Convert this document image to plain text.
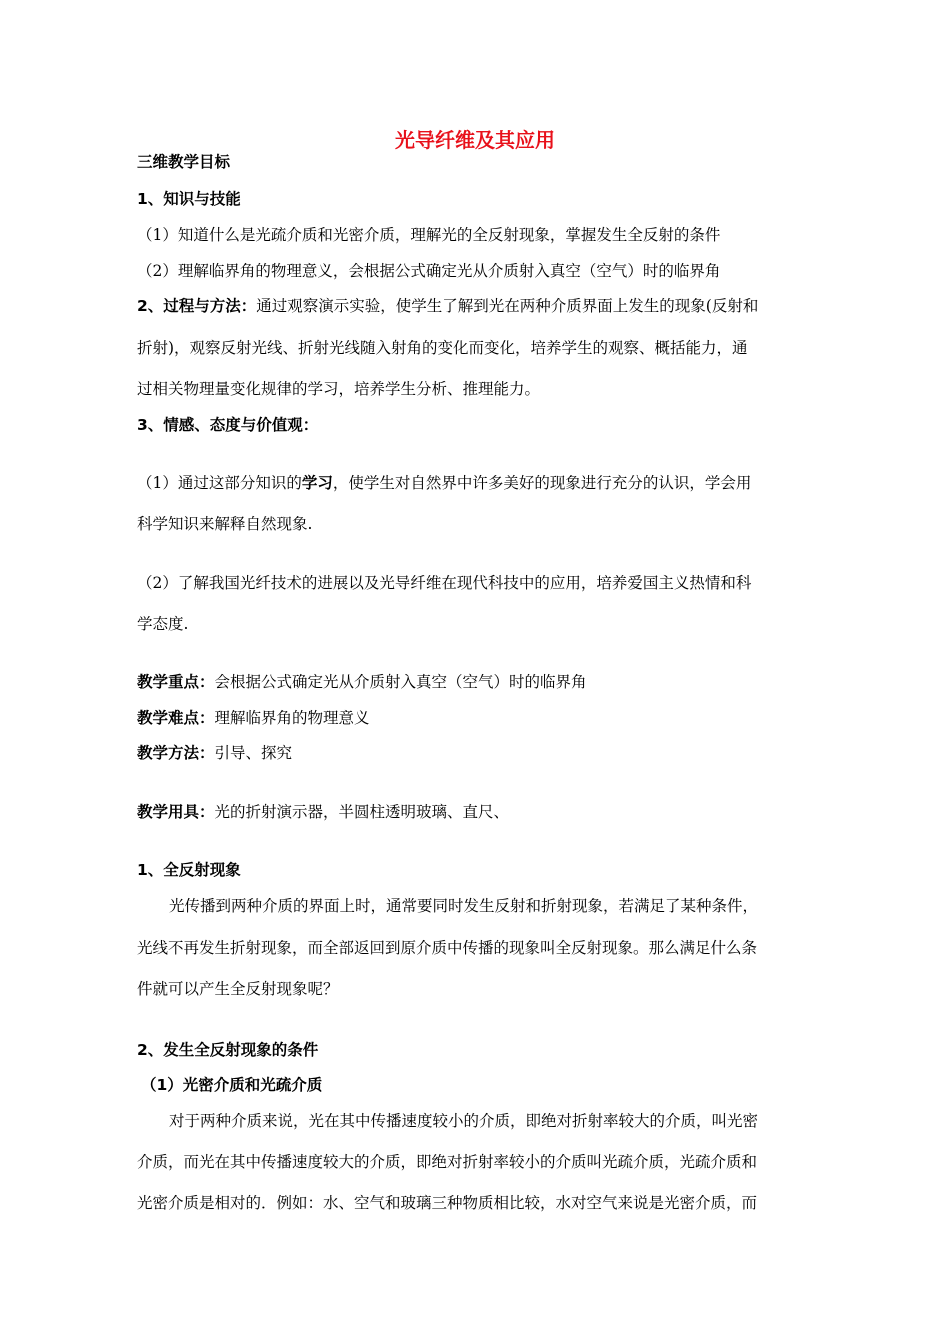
光导纤维及其应用
三维教学目标
1、知识与技能
（1）知道什么是光疏介质和光密介质，理解光的全反射现象，掌握发生全反射的条件
（2）理解临界角的物理意义，会根据公式确定光从介质射入真空（空气）时的临界角
2、过程与方法：通过观察演示实验，使学生了解到光在两种介质界面上发生的现象(反射和
折射)，观察反射光线、折射光线随入射角的变化而变化，培养学生的观察、概括能力，通
过相关物理量变化规律的学习，培养学生分析、推理能力。
3、情感、态度与价值观：
（1）通过这部分知识的学习，使学生对自然界中许多美好的现象进行充分的认识，学会用
科学知识来解释自然现象.
（2）了解我国光纤技术的进展以及光导纤维在现代科技中的应用，培养爱国主义热情和科
学态度.
教学重点：会根据公式确定光从介质射入真空（空气）时的临界角
教学难点：理解临界角的物理意义
教学方法：引导、探究
教学用具：光的折射演示器，半圆柱透明玻璃、直尺、
1、全反射现象
光传播到两种介质的界面上时，通常要同时发生反射和折射现象，若满足了某种条件，
光线不再发生折射现象，而全部返回到原介质中传播的现象叫全反射现象。那么满足什么条
件就可以产生全反射现象呢？
2、发生全反射现象的条件
（1）光密介质和光疏介质
对于两种介质来说，光在其中传播速度较小的介质，即绝对折射率较大的介质，叫光密
介质，而光在其中传播速度较大的介质，即绝对折射率较小的介质叫光疏介质，光疏介质和
光密介质是相对的．例如：水、空气和玻璃三种物质相比较，水对空气来说是光密介质，而
